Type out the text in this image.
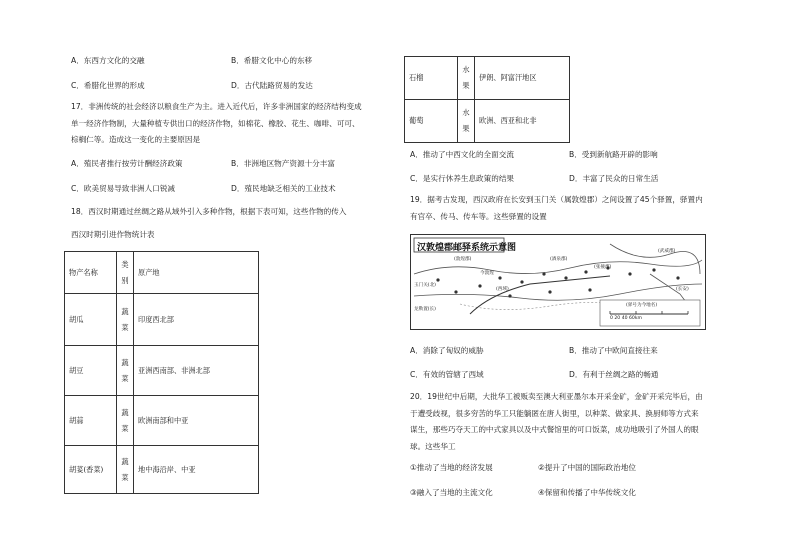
A．东西方文化的交融	B．希腊文化中心的东移
C．希腊化世界的形成	D．古代陆路贸易的发达
17．非洲传统的社会经济以粮食生产为主。进入近代后，许多非洲国家的经济结构变成
单一经济作物制，大量种植专供出口的经济作物，如棉花、橡胶、花生、咖啡、可可、
棕榈仁等。造成这一变化的主要原因是
A．殖民者推行按劳计酬经济政策	B．非洲地区物产资源十分丰富
C．欧美贸易导致非洲人口锐减	D．殖民地缺乏相关的工业技术
18．西汉时期通过丝绸之路从域外引入多种作物，根据下表可知，这些作物的传入
西汉时期引进作物统计表
物产名称	类别	原产地
胡瓜	蔬菜	印度西北部
胡豆	蔬菜	亚洲西南部、非洲北部
胡蒜	蔬菜	欧洲南部和中亚
胡荽(香菜)	蔬菜	地中海沿岸、中亚
石榴	水果	伊朗、阿富汗地区
葡萄	水果	欧洲、西亚和北非
A．推动了中西文化的全面交流	B．受到新航路开辟的影响
C．是实行休养生息政策的结果	D．丰富了民众的日常生活
19．据考古发现，西汉政府在长安到玉门关（属敦煌郡）之间设置了45个驿置，驿置内
有官卒、传马、传车等。这些驿置的设置
汉敦煌郡邮驿系统示意图
(敦煌郡)	(酒泉郡)
(张掖郡)
(武威郡)
(西域)
玉门关(北)
龙勒置(长)
今敦煌
(长安)
0 20 40 60km
(驿号为今地名)
A．消除了匈奴的威胁	B．推动了中欧间直接往来
C．有效的管辖了西域	D．有利于丝绸之路的畅通
20．19世纪中后期，大批华工被贩卖至澳大利亚墨尔本开采金矿，金矿开采完毕后，由
于遭受歧视，很多穷苦的华工只能躺匿在唐人街里，以种菜、做家具、换厨师等方式来
谋生，那些巧夺天工的中式家具以及中式餐馆里的可口饭菜，成功地吸引了外国人的眼
球。这些华工
①推动了当地的经济发展	②提升了中国的国际政治地位
③融入了当地的主流文化	④保留和传播了中华传统文化
